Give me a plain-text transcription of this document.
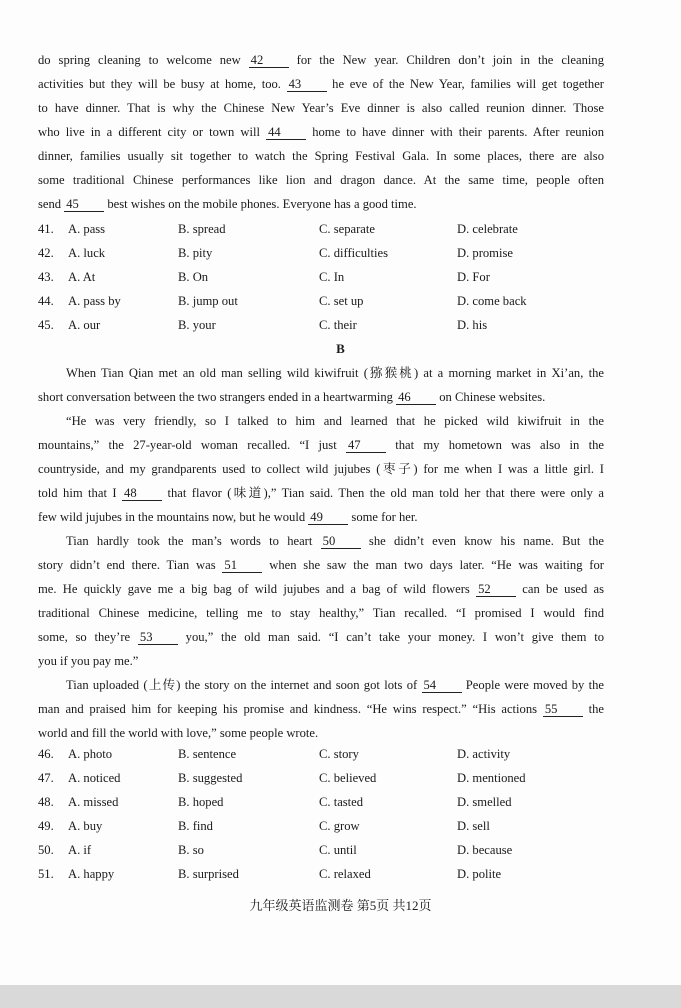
do spring cleaning to welcome new 42 for the New year. Children don’t join in the cleaning
activities but they will be busy at home, too. 43 he eve of the New Year, families will get together
to have dinner. That is why the Chinese New Year’s Eve dinner is also called reunion dinner. Those
who live in a different city or town will 44 home to have dinner with their parents. After reunion
dinner, families usually sit together to watch the Spring Festival Gala. In some places, there are also
some traditional Chinese performances like lion and dragon dance. At the same time, people often
send 45 best wishes on the mobile phones. Everyone has a good time.
41. A. pass	B. spread	C. separate	D. celebrate
42. A. luck	B. pity	C. difficulties	D. promise
43. A. At	B. On	C. In	D. For
44. A. pass by	B. jump out	C. set up	D. come back
45. A. our	B. your	C. their	D. his
B
When Tian Qian met an old man selling wild kiwifruit (猕猴桃) at a morning market in Xi’an, the
short conversation between the two strangers ended in a heartwarming 46 on Chinese websites.
“He was very friendly, so I talked to him and learned that he picked wild kiwifruit in the
mountains,” the 27-year-old woman recalled. “I just 47 that my hometown was also in the
countryside, and my grandparents used to collect wild jujubes (枣子) for me when I was a little girl. I
told him that I 48 that flavor (味道),” Tian said. Then the old man told her that there were only a
few wild jujubes in the mountains now, but he would 49 some for her.
Tian hardly took the man’s words to heart 50 she didn’t even know his name. But the
story didn’t end there. Tian was 51 when she saw the man two days later. “He was waiting for
me. He quickly gave me a big bag of wild jujubes and a bag of wild flowers 52 can be used as
traditional Chinese medicine, telling me to stay healthy,” Tian recalled. “I promised I would find
some, so they’re 53 you,” the old man said. “I can’t take your money. I won’t give them to
you if you pay me.”
Tian uploaded (上传) the story on the internet and soon got lots of 54 People were moved by the
man and praised him for keeping his promise and kindness. “He wins respect.” “His actions 55 the
world and fill the world with love,” some people wrote.
46. A. photo	B. sentence	C. story	D. activity
47. A. noticed	B. suggested	C. believed	D. mentioned
48. A. missed	B. hoped	C. tasted	D. smelled
49. A. buy	B. find	C. grow	D. sell
50. A. if	B. so	C. until	D. because
51. A. happy	B. surprised	C. relaxed	D. polite
九年级英语监测卷 第5页 共12页
